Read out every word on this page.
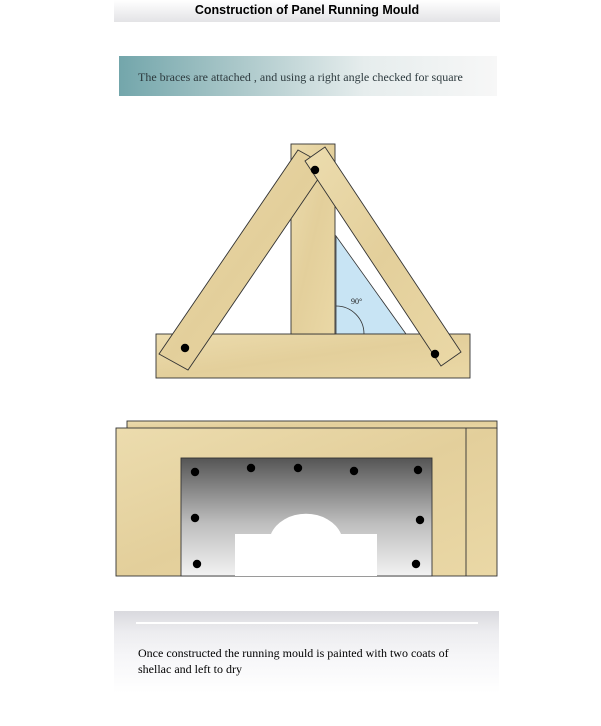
Construction of Panel Running Mould
The braces are attached , and using a right angle checked for square
90°
Once constructed the running mould is painted with two coats of shellac and left to dry
